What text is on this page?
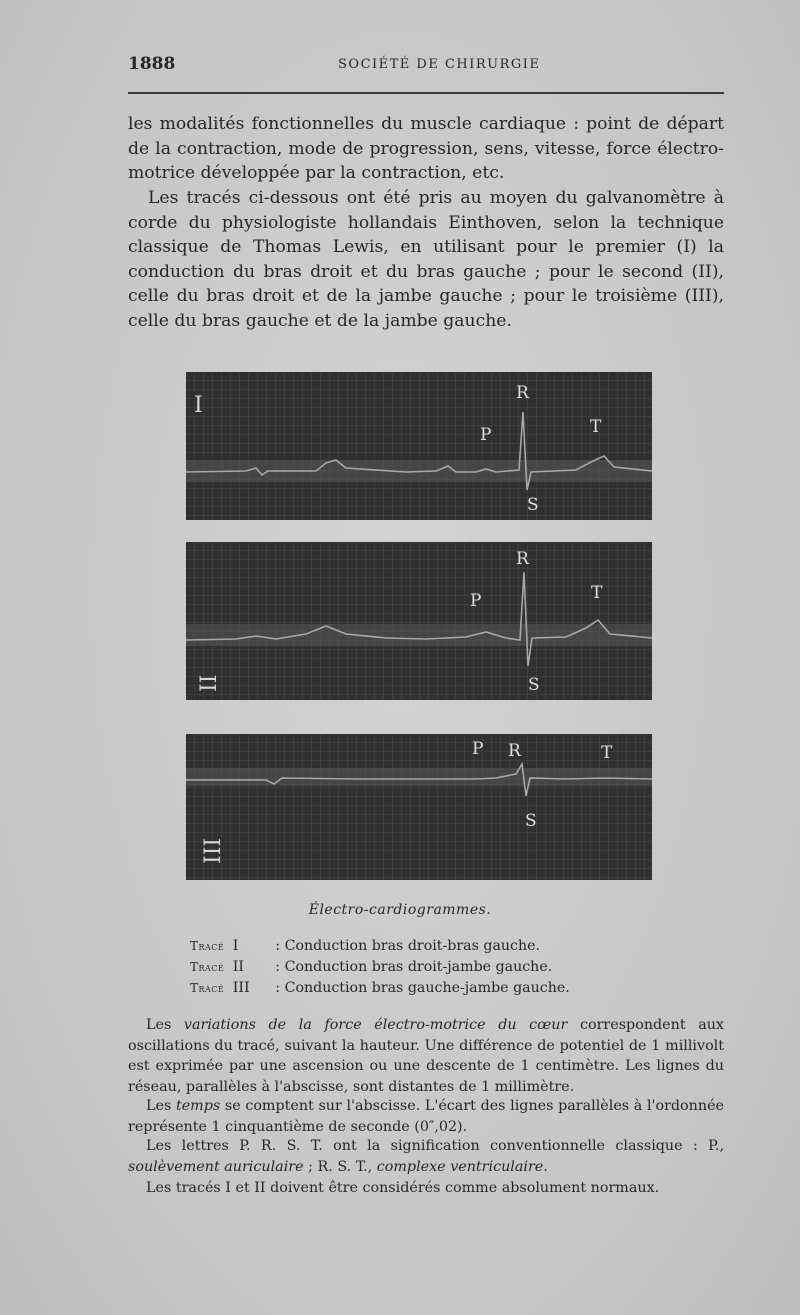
1888	SOCIÉTÉ DE CHIRURGIE

les modalités fonctionnelles du muscle cardiaque : point de départ de la contraction, mode de progression, sens, vitesse, force électro-motrice développée par la contraction, etc.

Les tracés ci-dessous ont été pris au moyen du galvanomètre à corde du physiologiste hollandais Einthoven, selon la technique classique de Thomas Lewis, en utilisant pour le premier (I) la conduction du bras droit et du bras gauche ; pour le second (II), celle du bras droit et de la jambe gauche ; pour le troisième (III), celle du bras gauche et de la jambe gauche.

I	R
P	T
S
II
R
P	T
S
III
P R	T
S
Électro-cardiogrammes.
Tracé I	: Conduction bras droit-bras gauche.
Tracé II : Conduction bras droit-jambe gauche.
Tracé III : Conduction bras gauche-jambe gauche.

Les variations de la force électro-motrice du cœur correspondent aux oscillations du tracé, suivant la hauteur. Une différence de potentiel de 1 millivolt est exprimée par une ascension ou une descente de 1 centimètre. Les lignes du réseau, parallèles à l'abscisse, sont distantes de 1 millimètre.

Les temps se comptent sur l'abscisse. L'écart des lignes parallèles à l'ordonnée représente 1 cinquantième de seconde (0″,02).

Les lettres P. R. S. T. ont la signification conventionnelle classique : P., soulèvement auriculaire ; R. S. T., complexe ventriculaire.

Les tracés I et II doivent être considérés comme absolument normaux.
